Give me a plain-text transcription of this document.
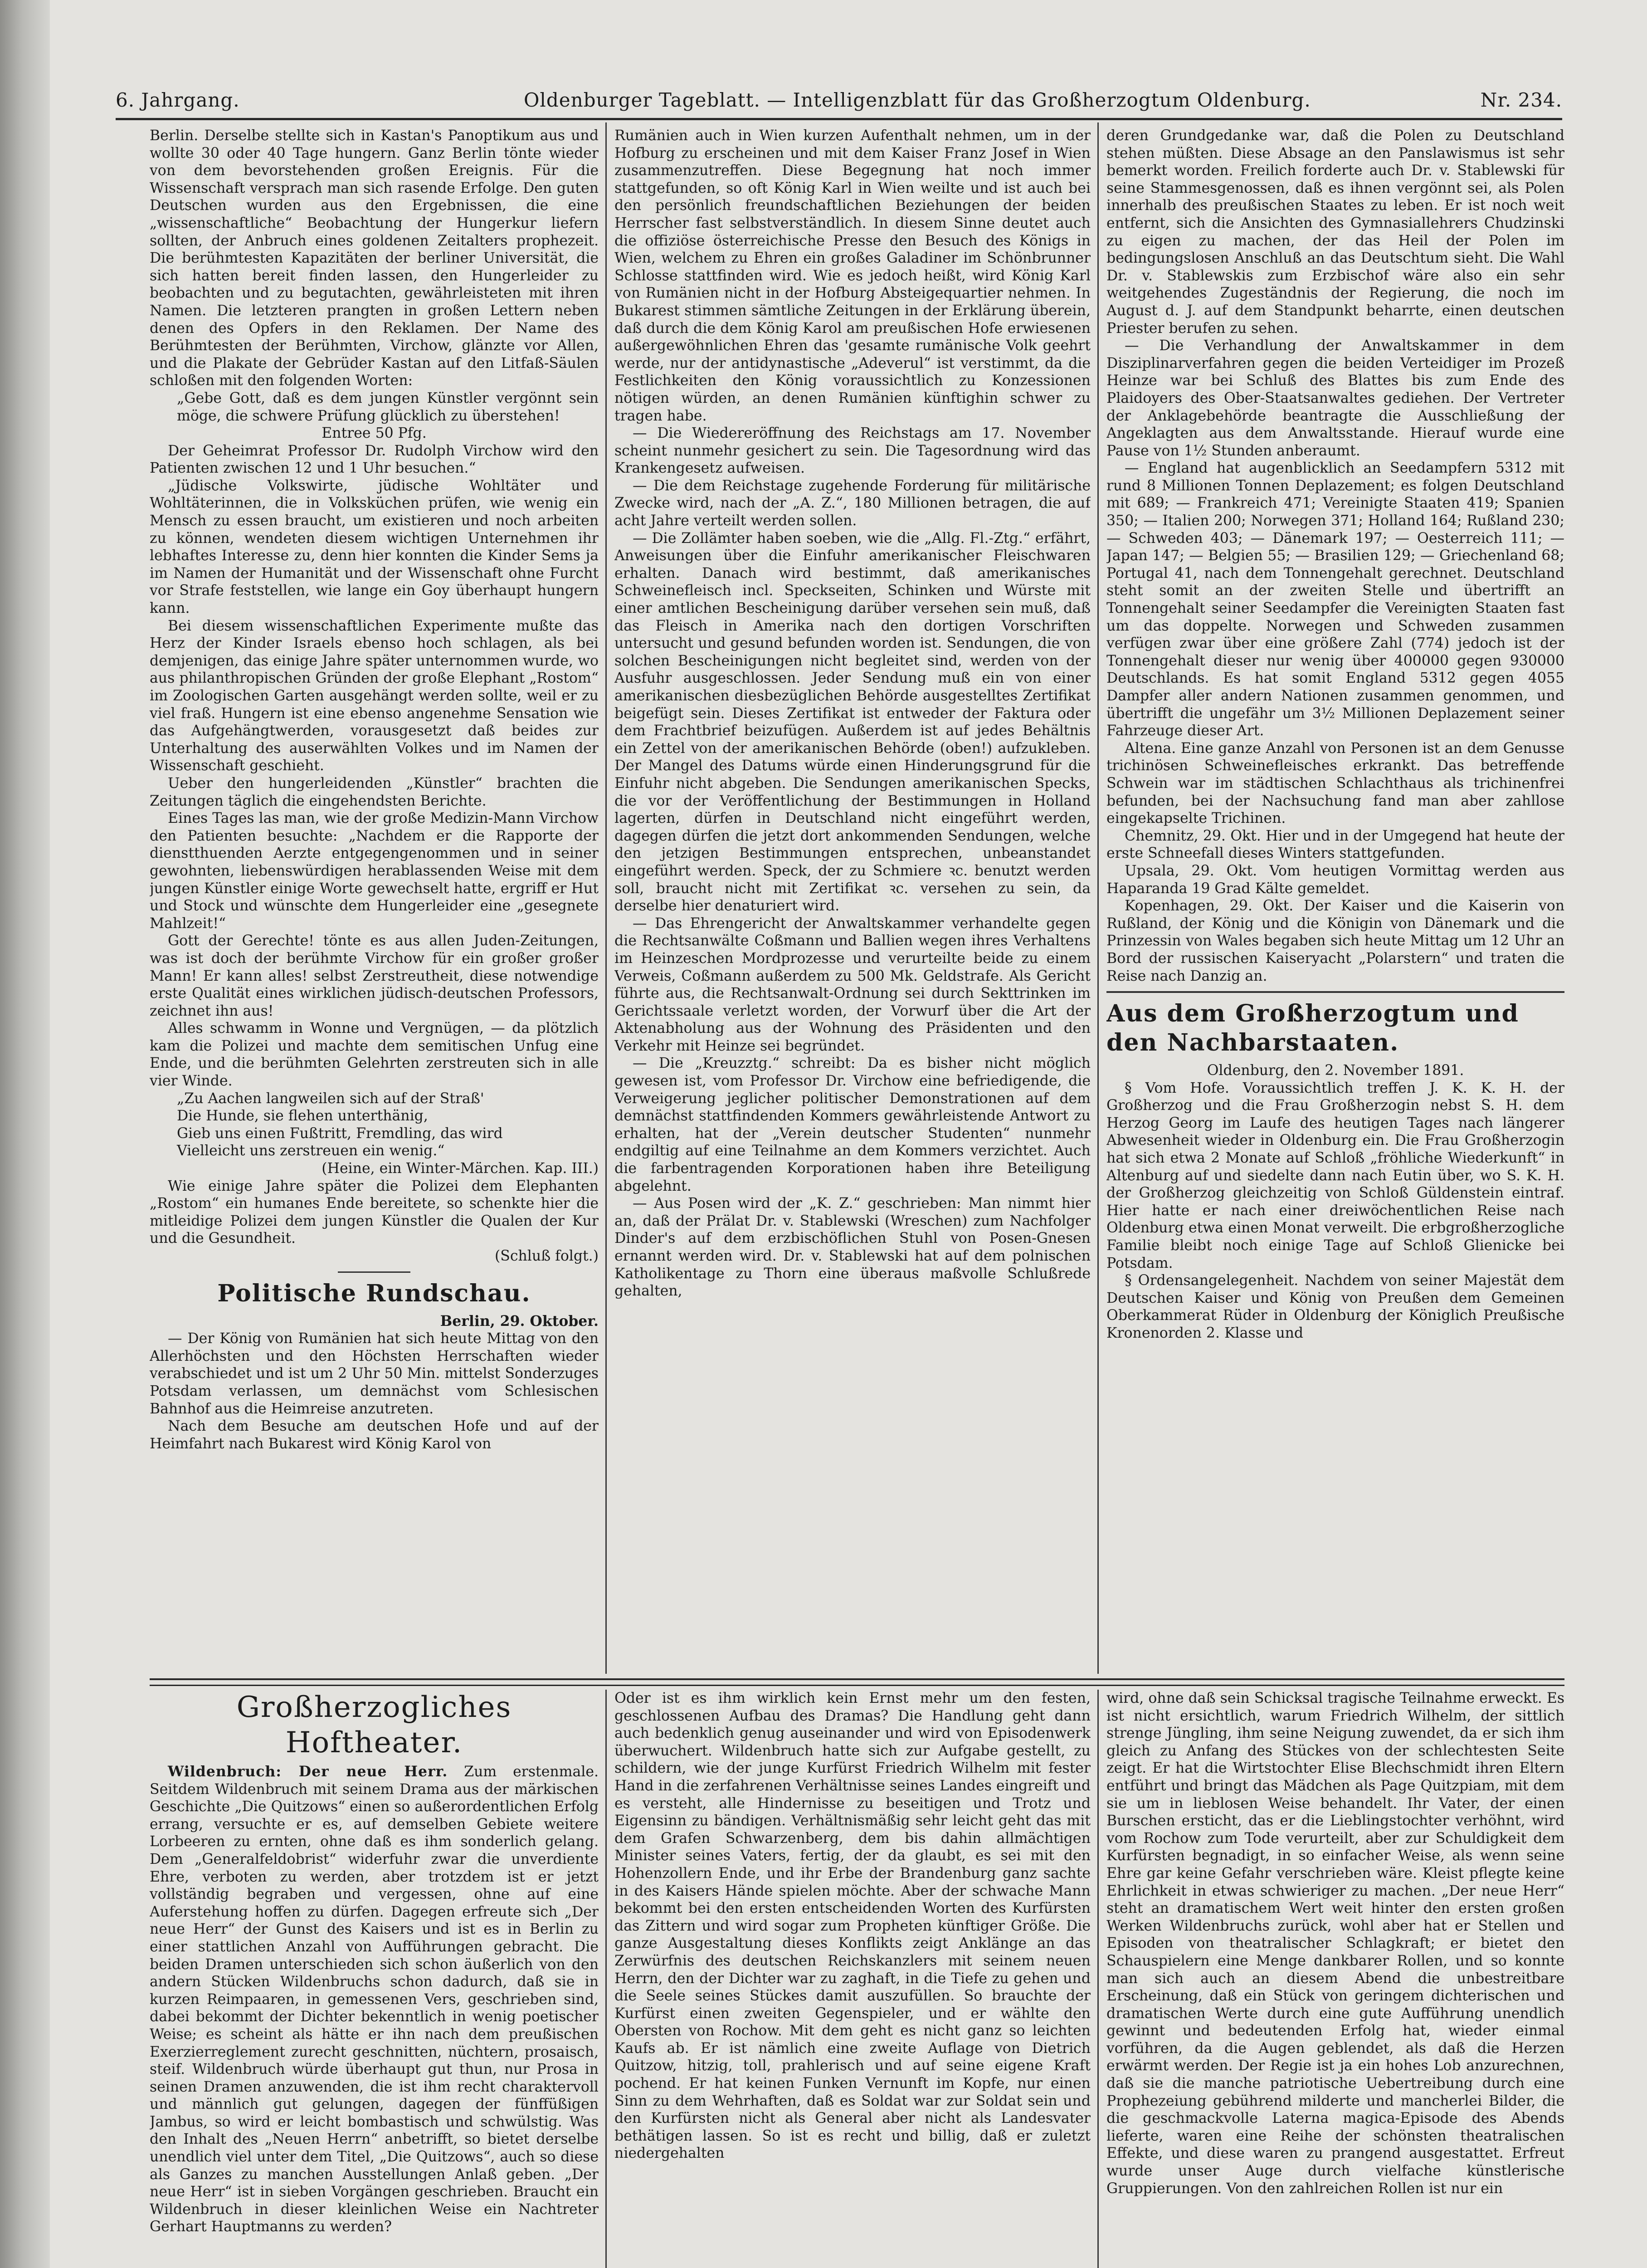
6. Jahrgang.	Oldenburger Tageblatt. — Intelligenzblatt für das Großherzogtum Oldenburg.	Nr. 234.

Berlin. Derselbe stellte sich in Kastan's Panoptikum aus und wollte 30 oder 40 Tage hungern. Ganz Berlin tönte wieder von dem bevorstehenden großen Ereignis. Für die Wissenschaft versprach man sich rasende Erfolge. Den guten Deutschen wurden aus den Ergebnissen, die eine „wissenschaftliche“ Beobachtung der Hungerkur liefern sollten, der Anbruch eines goldenen Zeitalters prophezeit. Die berühmtesten Kapazitäten der berliner Universität, die sich hatten bereit finden lassen, den Hungerleider zu beobachten und zu begutachten, gewährleisteten mit ihren Namen. Die letzteren prangten in großen Lettern neben denen des Opfers in den Reklamen. Der Name des Berühmtesten der Berühmten, Virchow, glänzte vor Allen, und die Plakate der Gebrüder Kastan auf den Litfaß-Säulen schloßen mit den folgenden Worten:

„Gebe Gott, daß es dem jungen Künstler vergönnt sein möge, die schwere Prüfung glücklich zu überstehen!

Entree 50 Pfg.

Der Geheimrat Professor Dr. Rudolph Virchow wird den Patienten zwischen 12 und 1 Uhr besuchen.“

„Jüdische Volkswirte, jüdische Wohltäter und Wohltäterinnen, die in Volksküchen prüfen, wie wenig ein Mensch zu essen braucht, um existieren und noch arbeiten zu können, wendeten diesem wichtigen Unternehmen ihr lebhaftes Interesse zu, denn hier konnten die Kinder Sems ja im Namen der Humanität und der Wissenschaft ohne Furcht vor Strafe feststellen, wie lange ein Goy überhaupt hungern kann.

Bei diesem wissenschaftlichen Experimente mußte das Herz der Kinder Israels ebenso hoch schlagen, als bei demjenigen, das einige Jahre später unternommen wurde, wo aus philanthropischen Gründen der große Elephant „Rostom“ im Zoologischen Garten ausgehängt werden sollte, weil er zu viel fraß. Hungern ist eine ebenso angenehme Sensation wie das Aufgehängtwerden, vorausgesetzt daß beides zur Unterhaltung des auserwählten Volkes und im Namen der Wissenschaft geschieht.

Ueber den hungerleidenden „Künstler“ brachten die Zeitungen täglich die eingehendsten Berichte.

Eines Tages las man, wie der große Medizin-Mann Virchow den Patienten besuchte: „Nachdem er die Rapporte der dienstthuenden Aerzte entgegengenommen und in seiner gewohnten, liebenswürdigen herablassenden Weise mit dem jungen Künstler einige Worte gewechselt hatte, ergriff er Hut und Stock und wünschte dem Hungerleider eine „gesegnete Mahlzeit!“

Gott der Gerechte! tönte es aus allen Juden-Zeitungen, was ist doch der berühmte Virchow für ein großer großer Mann! Er kann alles! selbst Zerstreutheit, diese notwendige erste Qualität eines wirklichen jüdisch-deutschen Professors, zeichnet ihn aus!

Alles schwamm in Wonne und Vergnügen, — da plötzlich kam die Polizei und machte dem semitischen Unfug eine Ende, und die berühmten Gelehrten zerstreuten sich in alle vier Winde.

„Zu Aachen langweilen sich auf der Straß'

Die Hunde, sie flehen unterthänig,

Gieb uns einen Fußtritt, Fremdling, das wird

Vielleicht uns zerstreuen ein wenig.“

(Heine, ein Winter-Märchen. Kap. III.)

Wie einige Jahre später die Polizei dem Elephanten „Rostom“ ein humanes Ende bereitete, so schenkte hier die mitleidige Polizei dem jungen Künstler die Qualen der Kur und die Gesundheit.

(Schluß folgt.)

Politische Rundschau.

Berlin, 29. Oktober.

— Der König von Rumänien hat sich heute Mittag von den Allerhöchsten und den Höchsten Herrschaften wieder verabschiedet und ist um 2 Uhr 50 Min. mittelst Sonderzuges Potsdam verlassen, um demnächst vom Schlesischen Bahnhof aus die Heimreise anzutreten.

Nach dem Besuche am deutschen Hofe und auf der Heimfahrt nach Bukarest wird König Karol von

Rumänien auch in Wien kurzen Aufenthalt nehmen, um in der Hofburg zu erscheinen und mit dem Kaiser Franz Josef in Wien zusammenzutreffen. Diese Begegnung hat noch immer stattgefunden, so oft König Karl in Wien weilte und ist auch bei den persönlich freundschaftlichen Beziehungen der beiden Herrscher fast selbstverständlich. In diesem Sinne deutet auch die offiziöse österreichische Presse den Besuch des Königs in Wien, welchem zu Ehren ein großes Galadiner im Schönbrunner Schlosse stattfinden wird. Wie es jedoch heißt, wird König Karl von Rumänien nicht in der Hofburg Absteigequartier nehmen. In Bukarest stimmen sämtliche Zeitungen in der Erklärung überein, daß durch die dem König Karol am preußischen Hofe erwiesenen außergewöhnlichen Ehren das 'gesamte rumänische Volk geehrt werde, nur der antidynastische „Adeverul“ ist verstimmt, da die Festlichkeiten den König voraussichtlich zu Konzessionen nötigen würden, an denen Rumänien künftighin schwer zu tragen habe.

— Die Wiedereröffnung des Reichstags am 17. November scheint nunmehr gesichert zu sein. Die Tagesordnung wird das Krankengesetz aufweisen.

— Die dem Reichstage zugehende Forderung für militärische Zwecke wird, nach der „A. Z.“, 180 Millionen betragen, die auf acht Jahre verteilt werden sollen.

— Die Zollämter haben soeben, wie die „Allg. Fl.-Ztg.“ erfährt, Anweisungen über die Einfuhr amerikanischer Fleischwaren erhalten. Danach wird bestimmt, daß amerikanisches Schweinefleisch incl. Speckseiten, Schinken und Würste mit einer amtlichen Bescheinigung darüber versehen sein muß, daß das Fleisch in Amerika nach den dortigen Vorschriften untersucht und gesund befunden worden ist. Sendungen, die von solchen Bescheinigungen nicht begleitet sind, werden von der Ausfuhr ausgeschlossen. Jeder Sendung muß ein von einer amerikanischen diesbezüglichen Behörde ausgestelltes Zertifikat beigefügt sein. Dieses Zertifikat ist entweder der Faktura oder dem Frachtbrief beizufügen. Außerdem ist auf jedes Behältnis ein Zettel von der amerikanischen Behörde (oben!) aufzukleben. Der Mangel des Datums würde einen Hinderungsgrund für die Einfuhr nicht abgeben. Die Sendungen amerikanischen Specks, die vor der Veröffentlichung der Bestimmungen in Holland lagerten, dürfen in Deutschland nicht eingeführt werden, dagegen dürfen die jetzt dort ankommenden Sendungen, welche den jetzigen Bestimmungen entsprechen, unbeanstandet eingeführt werden. Speck, der zu Schmiere ꝛc. benutzt werden soll, braucht nicht mit Zertifikat ꝛc. versehen zu sein, da derselbe hier denaturiert wird.

— Das Ehrengericht der Anwaltskammer verhandelte gegen die Rechtsanwälte Coßmann und Ballien wegen ihres Verhaltens im Heinzeschen Mordprozesse und verurteilte beide zu einem Verweis, Coßmann außerdem zu 500 Mk. Geldstrafe. Als Gericht führte aus, die Rechtsanwalt-Ordnung sei durch Sekttrinken im Gerichtssaale verletzt worden, der Vorwurf über die Art der Aktenabholung aus der Wohnung des Präsidenten und den Verkehr mit Heinze sei begründet.

— Die „Kreuzztg.“ schreibt: Da es bisher nicht möglich gewesen ist, vom Professor Dr. Virchow eine befriedigende, die Verweigerung jeglicher politischer Demonstrationen auf dem demnächst stattfindenden Kommers gewährleistende Antwort zu erhalten, hat der „Verein deutscher Studenten“ nunmehr endgiltig auf eine Teilnahme an dem Kommers verzichtet. Auch die farbentragenden Korporationen haben ihre Beteiligung abgelehnt.

— Aus Posen wird der „K. Z.“ geschrieben: Man nimmt hier an, daß der Prälat Dr. v. Stablewski (Wreschen) zum Nachfolger Dinder's auf dem erzbischöflichen Stuhl von Posen-Gnesen ernannt werden wird. Dr. v. Stablewski hat auf dem polnischen Katholikentage zu Thorn eine überaus maßvolle Schlußrede gehalten,

deren Grundgedanke war, daß die Polen zu Deutschland stehen müßten. Diese Absage an den Panslawismus ist sehr bemerkt worden. Freilich forderte auch Dr. v. Stablewski für seine Stammesgenossen, daß es ihnen vergönnt sei, als Polen innerhalb des preußischen Staates zu leben. Er ist noch weit entfernt, sich die Ansichten des Gymnasiallehrers Chudzinski zu eigen zu machen, der das Heil der Polen im bedingungslosen Anschluß an das Deutschtum sieht. Die Wahl Dr. v. Stablewskis zum Erzbischof wäre also ein sehr weitgehendes Zugeständnis der Regierung, die noch im August d. J. auf dem Standpunkt beharrte, einen deutschen Priester berufen zu sehen.

— Die Verhandlung der Anwaltskammer in dem Disziplinarverfahren gegen die beiden Verteidiger im Prozeß Heinze war bei Schluß des Blattes bis zum Ende des Plaidoyers des Ober-Staatsanwaltes gediehen. Der Vertreter der Anklagebehörde beantragte die Ausschließung der Angeklagten aus dem Anwaltsstande. Hierauf wurde eine Pause von 1½ Stunden anberaumt.

— England hat augenblicklich an Seedampfern 5312 mit rund 8 Millionen Tonnen Deplazement; es folgen Deutschland mit 689; — Frankreich 471; Vereinigte Staaten 419; Spanien 350; — Italien 200; Norwegen 371; Holland 164; Rußland 230; — Schweden 403; — Dänemark 197; — Oesterreich 111; — Japan 147; — Belgien 55; — Brasilien 129; — Griechenland 68; Portugal 41, nach dem Tonnengehalt gerechnet. Deutschland steht somit an der zweiten Stelle und übertrifft an Tonnengehalt seiner Seedampfer die Vereinigten Staaten fast um das doppelte. Norwegen und Schweden zusammen verfügen zwar über eine größere Zahl (774) jedoch ist der Tonnengehalt dieser nur wenig über 400000 gegen 930000 Deutschlands. Es hat somit England 5312 gegen 4055 Dampfer aller andern Nationen zusammen genommen, und übertrifft die ungefähr um 3½ Millionen Deplazement seiner Fahrzeuge dieser Art.

Altena. Eine ganze Anzahl von Personen ist an dem Genusse trichinösen Schweinefleisches erkrankt. Das betreffende Schwein war im städtischen Schlachthaus als trichinenfrei befunden, bei der Nachsuchung fand man aber zahllose eingekapselte Trichinen.

Chemnitz, 29. Okt. Hier und in der Umgegend hat heute der erste Schneefall dieses Winters stattgefunden.

Upsala, 29. Okt. Vom heutigen Vormittag werden aus Haparanda 19 Grad Kälte gemeldet.

Kopenhagen, 29. Okt. Der Kaiser und die Kaiserin von Rußland, der König und die Königin von Dänemark und die Prinzessin von Wales begaben sich heute Mittag um 12 Uhr an Bord der russischen Kaiseryacht „Polarstern“ und traten die Reise nach Danzig an.

Aus dem Großherzogtum und den Nachbarstaaten.

Oldenburg, den 2. November 1891.

§ Vom Hofe. Voraussichtlich treffen J. K. K. H. der Großherzog und die Frau Großherzogin nebst S. H. dem Herzog Georg im Laufe des heutigen Tages nach längerer Abwesenheit wieder in Oldenburg ein. Die Frau Großherzogin hat sich etwa 2 Monate auf Schloß „fröhliche Wiederkunft“ in Altenburg auf und siedelte dann nach Eutin über, wo S. K. H. der Großherzog gleichzeitig von Schloß Güldenstein eintraf. Hier hatte er nach einer dreiwöchentlichen Reise nach Oldenburg etwa einen Monat verweilt. Die erbgroßherzogliche Familie bleibt noch einige Tage auf Schloß Glienicke bei Potsdam.

§ Ordensangelegenheit. Nachdem von seiner Majestät dem Deutschen Kaiser und König von Preußen dem Gemeinen Oberkammerat Rüder in Oldenburg der Königlich Preußische Kronenorden 2. Klasse und

Großherzogliches Hoftheater.

Wildenbruch: Der neue Herr. Zum erstenmale. Seitdem Wildenbruch mit seinem Drama aus der märkischen Geschichte „Die Quitzows“ einen so außerordentlichen Erfolg errang, versuchte er es, auf demselben Gebiete weitere Lorbeeren zu ernten, ohne daß es ihm sonderlich gelang. Dem „Generalfeldobrist“ widerfuhr zwar die unverdiente Ehre, verboten zu werden, aber trotzdem ist er jetzt vollständig begraben und vergessen, ohne auf eine Auferstehung hoffen zu dürfen. Dagegen erfreute sich „Der neue Herr“ der Gunst des Kaisers und ist es in Berlin zu einer stattlichen Anzahl von Aufführungen gebracht. Die beiden Dramen unterschieden sich schon äußerlich von den andern Stücken Wildenbruchs schon dadurch, daß sie in kurzen Reimpaaren, in gemessenen Vers, geschrieben sind, dabei bekommt der Dichter bekenntlich in wenig poetischer Weise; es scheint als hätte er ihn nach dem preußischen Exerzierreglement zurecht geschnitten, nüchtern, prosaisch, steif. Wildenbruch würde überhaupt gut thun, nur Prosa in seinen Dramen anzuwenden, die ist ihm recht charaktervoll und männlich gut gelungen, dagegen der fünffüßigen Jambus, so wird er leicht bombastisch und schwülstig. Was den Inhalt des „Neuen Herrn“ anbetrifft, so bietet derselbe unendlich viel unter dem Titel, „Die Quitzows“, auch so diese als Ganzes zu manchen Ausstellungen Anlaß geben. „Der neue Herr“ ist in sieben Vorgängen geschrieben. Braucht ein Wildenbruch in dieser kleinlichen Weise ein Nachtreter Gerhart Hauptmanns zu werden?

Oder ist es ihm wirklich kein Ernst mehr um den festen, geschlossenen Aufbau des Dramas? Die Handlung geht dann auch bedenklich genug auseinander und wird von Episodenwerk überwuchert. Wildenbruch hatte sich zur Aufgabe gestellt, zu schildern, wie der junge Kurfürst Friedrich Wilhelm mit fester Hand in die zerfahrenen Verhältnisse seines Landes eingreift und es versteht, alle Hindernisse zu beseitigen und Trotz und Eigensinn zu bändigen. Verhältnismäßig sehr leicht geht das mit dem Grafen Schwarzenberg, dem bis dahin allmächtigen Minister seines Vaters, fertig, der da glaubt, es sei mit den Hohenzollern Ende, und ihr Erbe der Brandenburg ganz sachte in des Kaisers Hände spielen möchte. Aber der schwache Mann bekommt bei den ersten entscheidenden Worten des Kurfürsten das Zittern und wird sogar zum Propheten künftiger Größe. Die ganze Ausgestaltung dieses Konflikts zeigt Anklänge an das Zerwürfnis des deutschen Reichskanzlers mit seinem neuen Herrn, den der Dichter war zu zaghaft, in die Tiefe zu gehen und die Seele seines Stückes damit auszufüllen. So brauchte der Kurfürst einen zweiten Gegenspieler, und er wählte den Obersten von Rochow. Mit dem geht es nicht ganz so leichten Kaufs ab. Er ist nämlich eine zweite Auflage von Dietrich Quitzow, hitzig, toll, prahlerisch und auf seine eigene Kraft pochend. Er hat keinen Funken Vernunft im Kopfe, nur einen Sinn zu dem Wehrhaften, daß es Soldat war zur Soldat sein und den Kurfürsten nicht als General aber nicht als Landesvater bethätigen lassen. So ist es recht und billig, daß er zuletzt niedergehalten

wird, ohne daß sein Schicksal tragische Teilnahme erweckt. Es ist nicht ersichtlich, warum Friedrich Wilhelm, der sittlich strenge Jüngling, ihm seine Neigung zuwendet, da er sich ihm gleich zu Anfang des Stückes von der schlechtesten Seite zeigt. Er hat die Wirtstochter Elise Blechschmidt ihren Eltern entführt und bringt das Mädchen als Page Quitzpiam, mit dem sie um in lieblosen Weise behandelt. Ihr Vater, der einen Burschen ersticht, das er die Lieblingstochter verhöhnt, wird vom Rochow zum Tode verurteilt, aber zur Schuldigkeit dem Kurfürsten begnadigt, in so einfacher Weise, als wenn seine Ehre gar keine Gefahr verschrieben wäre. Kleist pflegte keine Ehrlichkeit in etwas schwieriger zu machen. „Der neue Herr“ steht an dramatischem Wert weit hinter den ersten großen Werken Wildenbruchs zurück, wohl aber hat er Stellen und Episoden von theatralischer Schlagkraft; er bietet den Schauspielern eine Menge dankbarer Rollen, und so konnte man sich auch an diesem Abend die unbestreitbare Erscheinung, daß ein Stück von geringem dichterischen und dramatischen Werte durch eine gute Aufführung unendlich gewinnt und bedeutenden Erfolg hat, wieder einmal vorführen, da die Augen geblendet, als daß die Herzen erwärmt werden. Der Regie ist ja ein hohes Lob anzurechnen, daß sie die manche patriotische Uebertreibung durch eine Prophezeiung gebührend milderte und mancherlei Bilder, die die geschmackvolle Laterna magica-Episode des Abends lieferte, waren eine Reihe der schönsten theatralischen Effekte, und diese waren zu prangend ausgestattet. Erfreut wurde unser Auge durch vielfache künstlerische Gruppierungen. Von den zahlreichen Rollen ist nur ein
